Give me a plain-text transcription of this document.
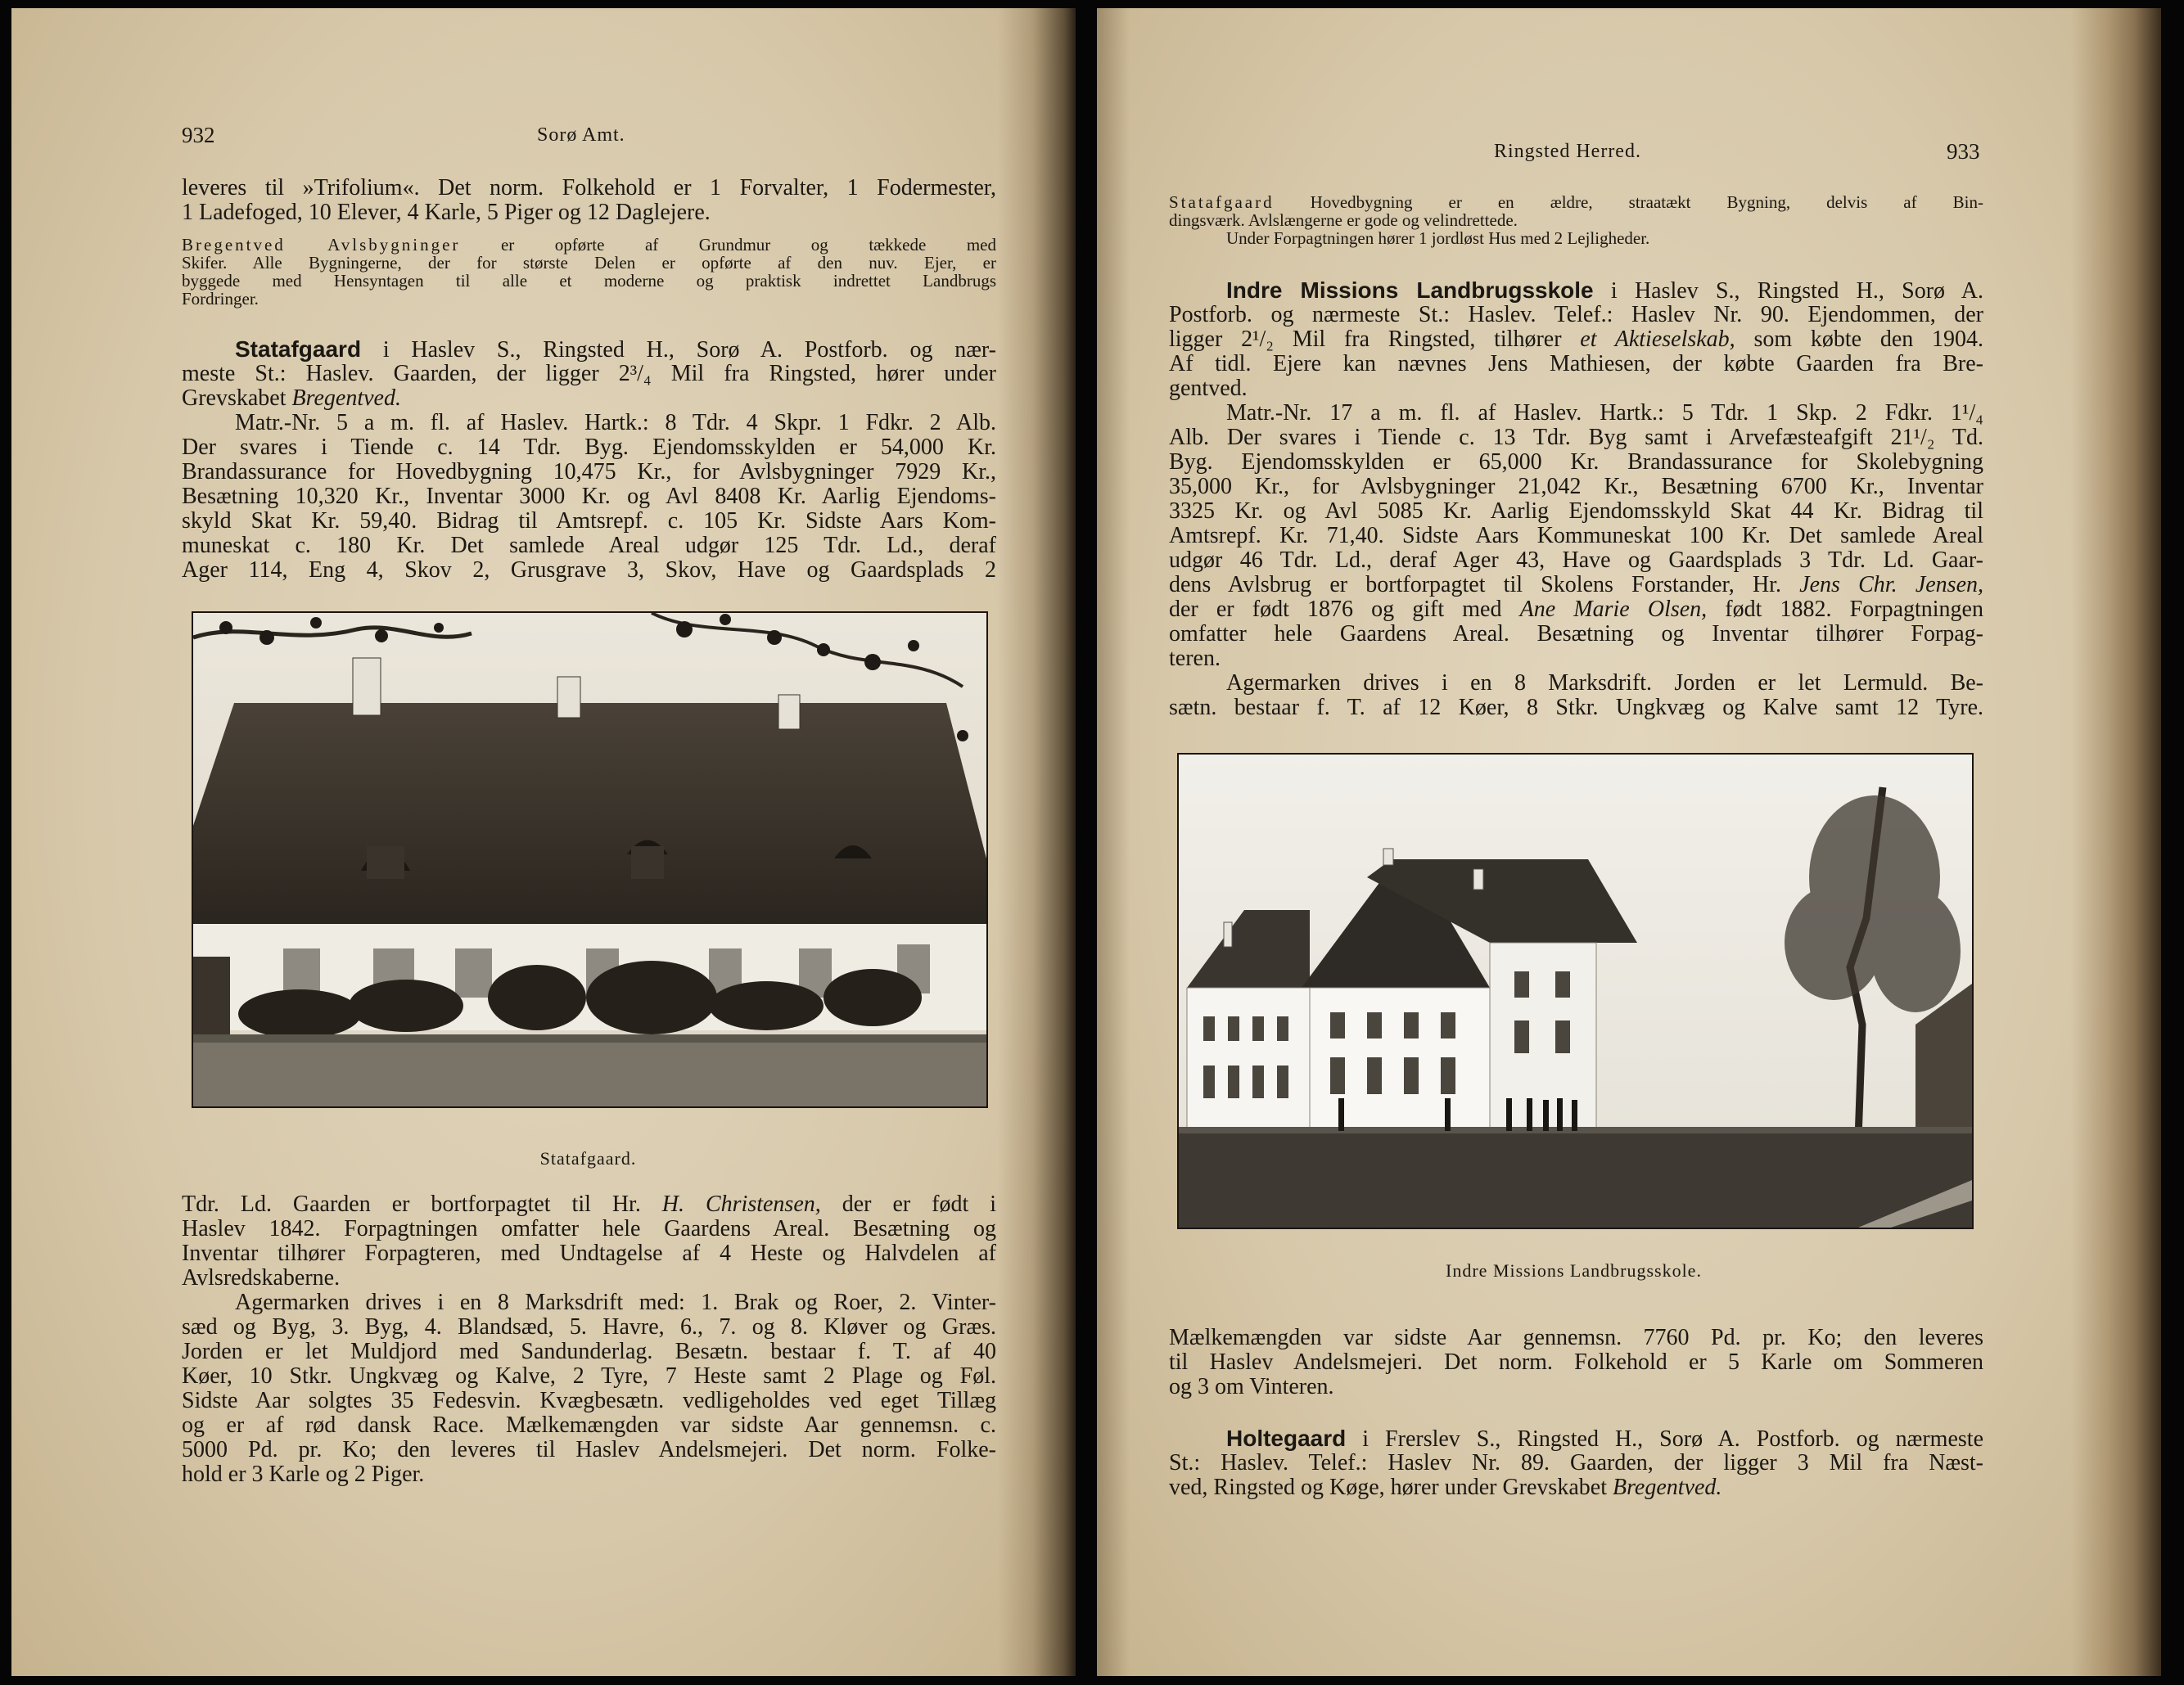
932	Sorø Amt.
leveres til »Trifolium«. Det norm. Folkehold er 1 Forvalter, 1 Fodermester,
1 Ladefoged, 10 Elever, 4 Karle, 5 Piger og 12 Daglejere.
Bregentved Avlsbygninger er opførte af Grundmur og tækkede med
Skifer. Alle Bygningerne, der for største Delen er opførte af den nuv. Ejer, er
byggede med Hensyntagen til alle et moderne og praktisk indrettet Landbrugs
Fordringer.
Statafgaard i Haslev S., Ringsted H., Sorø A. Postforb. og nær-
meste St.: Haslev. Gaarden, der ligger 2³/₄ Mil fra Ringsted, hører under
Grevskabet Bregentved.
Matr.-Nr. 5 a m. fl. af Haslev. Hartk.: 8 Tdr. 4 Skpr. 1 Fdkr. 2 Alb.
Der svares i Tiende c. 14 Tdr. Byg. Ejendomsskylden er 54,000 Kr.
Brandassurance for Hovedbygning 10,475 Kr., for Avlsbygninger 7929 Kr.,
Besætning 10,320 Kr., Inventar 3000 Kr. og Avl 8408 Kr. Aarlig Ejendoms-
skyld Skat Kr. 59,40. Bidrag til Amtsrepf. c. 105 Kr. Sidste Aars Kom-
muneskat c. 180 Kr. Det samlede Areal udgør 125 Tdr. Ld., deraf
Ager 114, Eng 4, Skov 2, Grusgrave 3, Skov, Have og Gaardsplads 2
Statafgaard.
Tdr. Ld. Gaarden er bortforpagtet til Hr. H. Christensen, der er født i
Haslev 1842. Forpagtningen omfatter hele Gaardens Areal. Besætning og
Inventar tilhører Forpagteren, med Undtagelse af 4 Heste og Halvdelen af
Avlsredskaberne.
Agermarken drives i en 8 Marksdrift med: 1. Brak og Roer, 2. Vinter-
sæd og Byg, 3. Byg, 4. Blandsæd, 5. Havre, 6., 7. og 8. Kløver og Græs.
Jorden er let Muldjord med Sandunderlag. Besætn. bestaar f. T. af 40
Køer, 10 Stkr. Ungkvæg og Kalve, 2 Tyre, 7 Heste samt 2 Plage og Føl.
Sidste Aar solgtes 35 Fedesvin. Kvægbesætn. vedligeholdes ved eget Tillæg
og er af rød dansk Race. Mælkemængden var sidste Aar gennemsn. c.
5000 Pd. pr. Ko; den leveres til Haslev Andelsmejeri. Det norm. Folke-
hold er 3 Karle og 2 Piger.
Ringsted Herred.	933
Statafgaard Hovedbygning er en ældre, straatækt Bygning, delvis af Bin-
dingsværk. Avlslængerne er gode og velindrettede.
Under Forpagtningen hører 1 jordløst Hus med 2 Lejligheder.
Indre Missions Landbrugsskole i Haslev S., Ringsted H., Sorø A.
Postforb. og nærmeste St.: Haslev. Telef.: Haslev Nr. 90. Ejendommen, der
ligger 2¹/₂ Mil fra Ringsted, tilhører et Aktieselskab, som købte den 1904.
Af tidl. Ejere kan nævnes Jens Mathiesen, der købte Gaarden fra Bre-
gentved.
Matr.-Nr. 17 a m. fl. af Haslev. Hartk.: 5 Tdr. 1 Skp. 2 Fdkr. 1¹/₄
Alb. Der svares i Tiende c. 13 Tdr. Byg samt i Arvefæsteafgift 21¹/₂ Td.
Byg. Ejendomsskylden er 65,000 Kr. Brandassurance for Skolebygning
35,000 Kr., for Avlsbygninger 21,042 Kr., Besætning 6700 Kr., Inventar
3325 Kr. og Avl 5085 Kr. Aarlig Ejendomsskyld Skat 44 Kr. Bidrag til
Amtsrepf. Kr. 71,40. Sidste Aars Kommuneskat 100 Kr. Det samlede Areal
udgør 46 Tdr. Ld., deraf Ager 43, Have og Gaardsplads 3 Tdr. Ld. Gaar-
dens Avlsbrug er bortforpagtet til Skolens Forstander, Hr. Jens Chr. Jensen,
der er født 1876 og gift med Ane Marie Olsen, født 1882. Forpagtningen
omfatter hele Gaardens Areal. Besætning og Inventar tilhører Forpag-
teren.
Agermarken drives i en 8 Marksdrift. Jorden er let Lermuld. Be-
sætn. bestaar f. T. af 12 Køer, 8 Stkr. Ungkvæg og Kalve samt 12 Tyre.
Indre Missions Landbrugsskole.
Mælkemængden var sidste Aar gennemsn. 7760 Pd. pr. Ko; den leveres
til Haslev Andelsmejeri. Det norm. Folkehold er 5 Karle om Sommeren
og 3 om Vinteren.
Holtegaard i Frerslev S., Ringsted H., Sorø A. Postforb. og nærmeste
St.: Haslev. Telef.: Haslev Nr. 89. Gaarden, der ligger 3 Mil fra Næst-
ved, Ringsted og Køge, hører under Grevskabet Bregentved.
